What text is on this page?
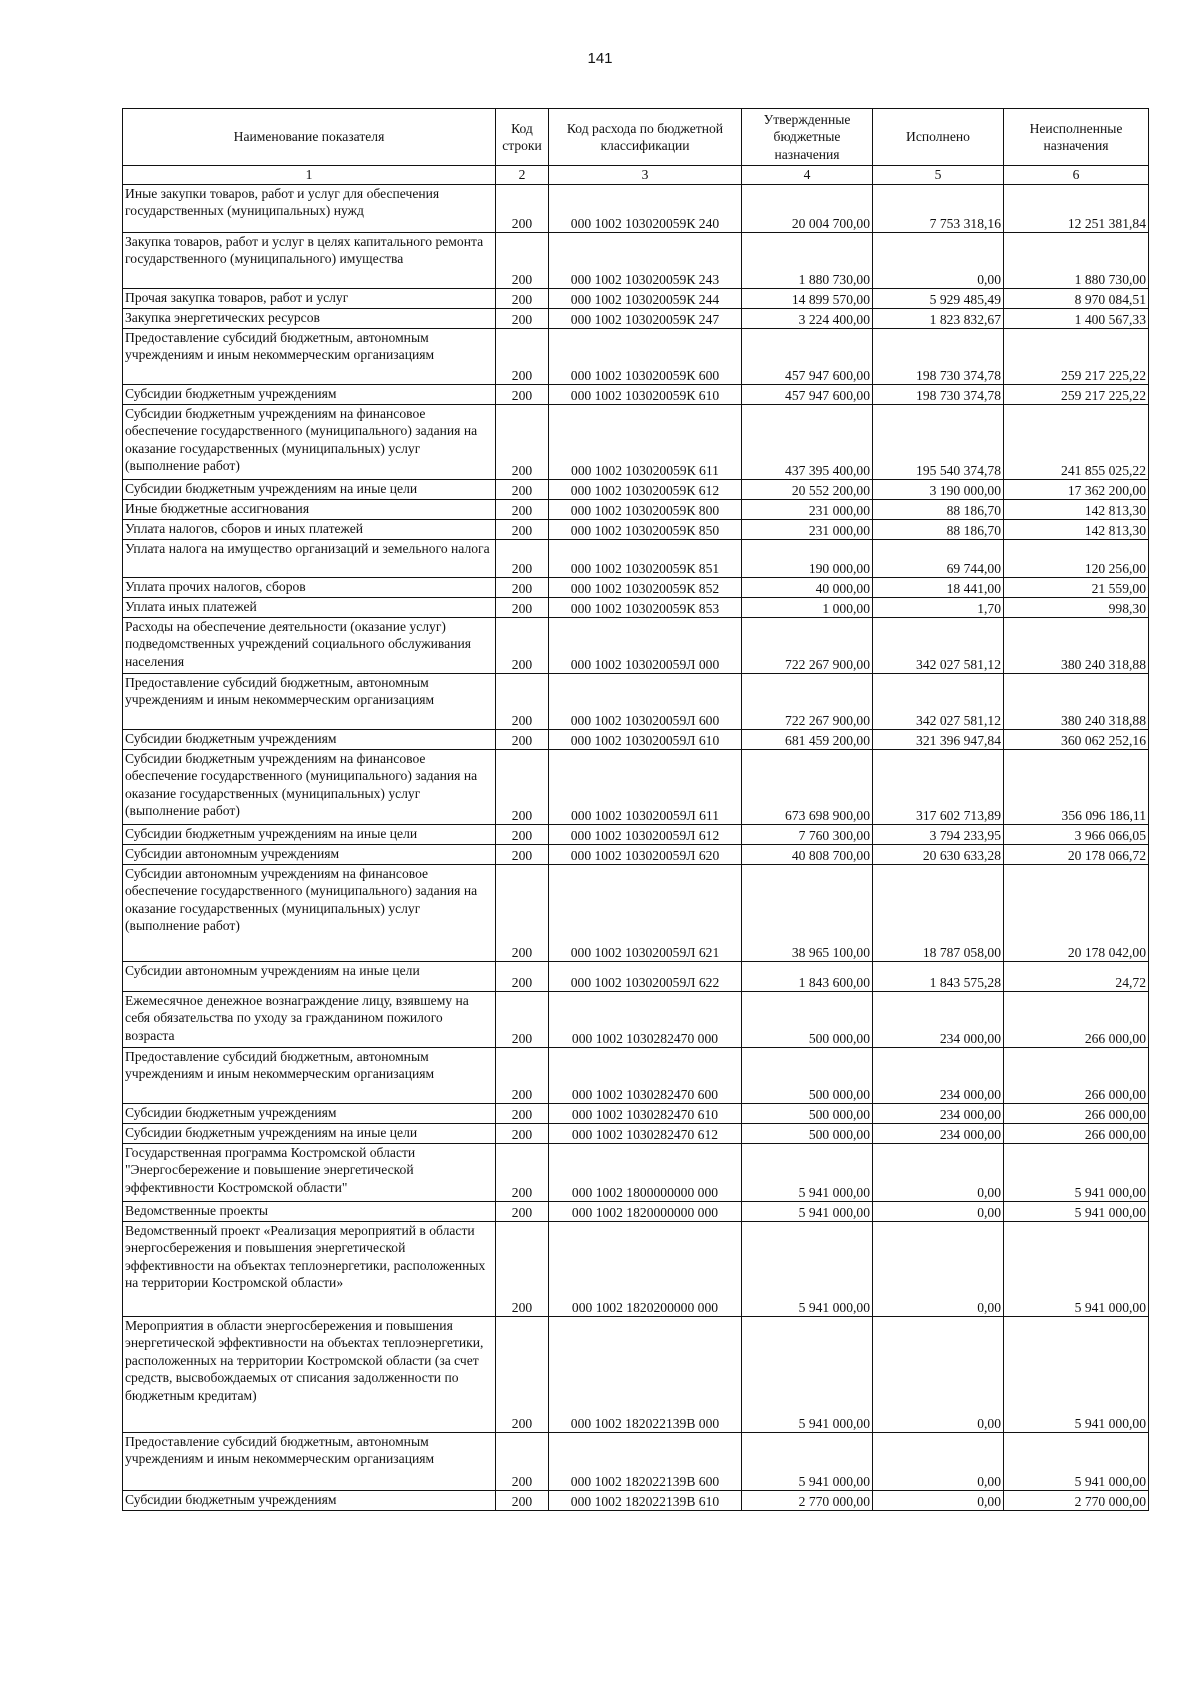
141
Наименование показателя	Код строки	Код расхода по бюджетной классификации	Утвержденные бюджетные назначения	Исполнено	Неисполненные назначения
1	2	3	4	5	6
Иные закупки товаров, работ и услуг для обеспечения государственных (муниципальных) нужд	200	000 1002 103020059К 240	20 004 700,00	7 753 318,16	12 251 381,84
Закупка товаров, работ и услуг в целях капитального ремонта государственного (муниципального) имущества	200	000 1002 103020059К 243	1 880 730,00	0,00	1 880 730,00
Прочая закупка товаров, работ и услуг	200	000 1002 103020059К 244	14 899 570,00	5 929 485,49	8 970 084,51
Закупка энергетических ресурсов	200	000 1002 103020059К 247	3 224 400,00	1 823 832,67	1 400 567,33
Предоставление субсидий бюджетным, автономным учреждениям и иным некоммерческим организациям	200	000 1002 103020059К 600	457 947 600,00	198 730 374,78	259 217 225,22
Субсидии бюджетным учреждениям	200	000 1002 103020059К 610	457 947 600,00	198 730 374,78	259 217 225,22
Субсидии бюджетным учреждениям на финансовое обеспечение государственного (муниципального) задания на оказание государственных (муниципальных) услуг (выполнение работ)	200	000 1002 103020059К 611	437 395 400,00	195 540 374,78	241 855 025,22
Субсидии бюджетным учреждениям на иные цели	200	000 1002 103020059К 612	20 552 200,00	3 190 000,00	17 362 200,00
Иные бюджетные ассигнования	200	000 1002 103020059К 800	231 000,00	88 186,70	142 813,30
Уплата налогов, сборов и иных платежей	200	000 1002 103020059К 850	231 000,00	88 186,70	142 813,30
Уплата налога на имущество организаций и земельного налога	200	000 1002 103020059К 851	190 000,00	69 744,00	120 256,00
Уплата прочих налогов, сборов	200	000 1002 103020059К 852	40 000,00	18 441,00	21 559,00
Уплата иных платежей	200	000 1002 103020059К 853	1 000,00	1,70	998,30
Расходы на обеспечение деятельности (оказание услуг) подведомственных учреждений социального обслуживания населения	200	000 1002 103020059Л 000	722 267 900,00	342 027 581,12	380 240 318,88
Предоставление субсидий бюджетным, автономным учреждениям и иным некоммерческим организациям	200	000 1002 103020059Л 600	722 267 900,00	342 027 581,12	380 240 318,88
Субсидии бюджетным учреждениям	200	000 1002 103020059Л 610	681 459 200,00	321 396 947,84	360 062 252,16
Субсидии бюджетным учреждениям на финансовое обеспечение государственного (муниципального) задания на оказание государственных (муниципальных) услуг (выполнение работ)	200	000 1002 103020059Л 611	673 698 900,00	317 602 713,89	356 096 186,11
Субсидии бюджетным учреждениям на иные цели	200	000 1002 103020059Л 612	7 760 300,00	3 794 233,95	3 966 066,05
Субсидии автономным учреждениям	200	000 1002 103020059Л 620	40 808 700,00	20 630 633,28	20 178 066,72
Субсидии автономным учреждениям на финансовое обеспечение государственного (муниципального) задания на оказание государственных (муниципальных) услуг (выполнение работ)	200	000 1002 103020059Л 621	38 965 100,00	18 787 058,00	20 178 042,00
Субсидии автономным учреждениям на иные цели	200	000 1002 103020059Л 622	1 843 600,00	1 843 575,28	24,72
Ежемесячное денежное вознаграждение лицу, взявшему на себя обязательства по уходу за гражданином пожилого возраста	200	000 1002 1030282470 000	500 000,00	234 000,00	266 000,00
Предоставление субсидий бюджетным, автономным учреждениям и иным некоммерческим организациям	200	000 1002 1030282470 600	500 000,00	234 000,00	266 000,00
Субсидии бюджетным учреждениям	200	000 1002 1030282470 610	500 000,00	234 000,00	266 000,00
Субсидии бюджетным учреждениям на иные цели	200	000 1002 1030282470 612	500 000,00	234 000,00	266 000,00
Государственная программа Костромской области "Энергосбережение и повышение энергетической эффективности Костромской области"	200	000 1002 1800000000 000	5 941 000,00	0,00	5 941 000,00
Ведомственные проекты	200	000 1002 1820000000 000	5 941 000,00	0,00	5 941 000,00
Ведомственный проект «Реализация мероприятий в области энергосбережения и повышения энергетической эффективности на объектах теплоэнергетики, расположенных на территории Костромской области»	200	000 1002 1820200000 000	5 941 000,00	0,00	5 941 000,00
Мероприятия в области энергосбережения и повышения энергетической эффективности на объектах теплоэнергетики, расположенных на территории Костромской области (за счет средств, высвобождаемых от списания задолженности по бюджетным кредитам)	200	000 1002 182022139В 000	5 941 000,00	0,00	5 941 000,00
Предоставление субсидий бюджетным, автономным учреждениям и иным некоммерческим организациям	200	000 1002 182022139В 600	5 941 000,00	0,00	5 941 000,00
Субсидии бюджетным учреждениям	200	000 1002 182022139В 610	2 770 000,00	0,00	2 770 000,00
